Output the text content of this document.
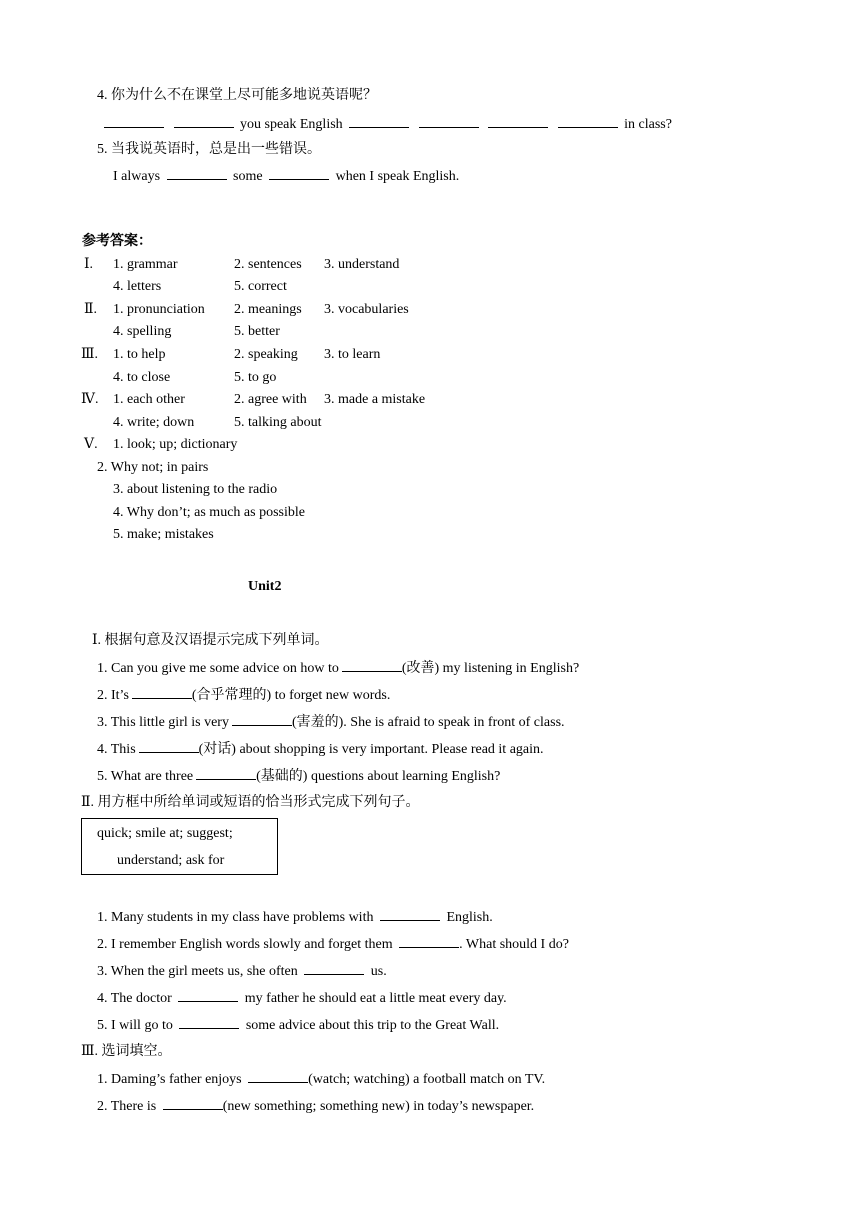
4. 你为什么不在课堂上尽可能多地说英语呢？
you speak English	in class?
5. 当我说英语时，总是出一些错误。
I always	some	when I speak English.
参考答案：
Ⅰ. 1. grammar	2. sentences 3. understand
4. letters	5. correct
Ⅱ. 1. pronunciation 2. meanings 3. vocabularies
4. spelling	5. better
Ⅲ. 1. to help	2. speaking 3. to learn
4. to close	5. to go
Ⅳ. 1. each other	2. agree with 3. made a mistake
4. write; down	5. talking about
Ⅴ. 1. look; up; dictionary
2. Why not; in pairs
3. about listening to the radio
4. Why don’t; as much as possible
5. make; mistakes
Unit2
Ⅰ. 根据句意及汉语提示完成下列单词。
1. Can you give me some advice on how to	(改善) my listening in English?
2. It’s	(合乎常理的) to forget new words.
3. This little girl is very	(害羞的). She is afraid to speak in front of class.
4. This	(对话) about shopping is very important. Please read it again.
5. What are three	(基础的) questions about learning English?
Ⅱ. 用方框中所给单词或短语的恰当形式完成下列句子。
quick; smile at; suggest;
understand; ask for
1. Many students in my class have problems with	English.
2. I remember English words slowly and forget them	. What should I do?
3. When the girl meets us, she often	us.
4. The doctor	my father he should eat a little meat every day.
5. I will go to	some advice about this trip to the Great Wall.
Ⅲ. 选词填空。
1. Daming’s father enjoys	(watch; watching) a football match on TV.
2. There is	(new something; something new) in today’s newspaper.
